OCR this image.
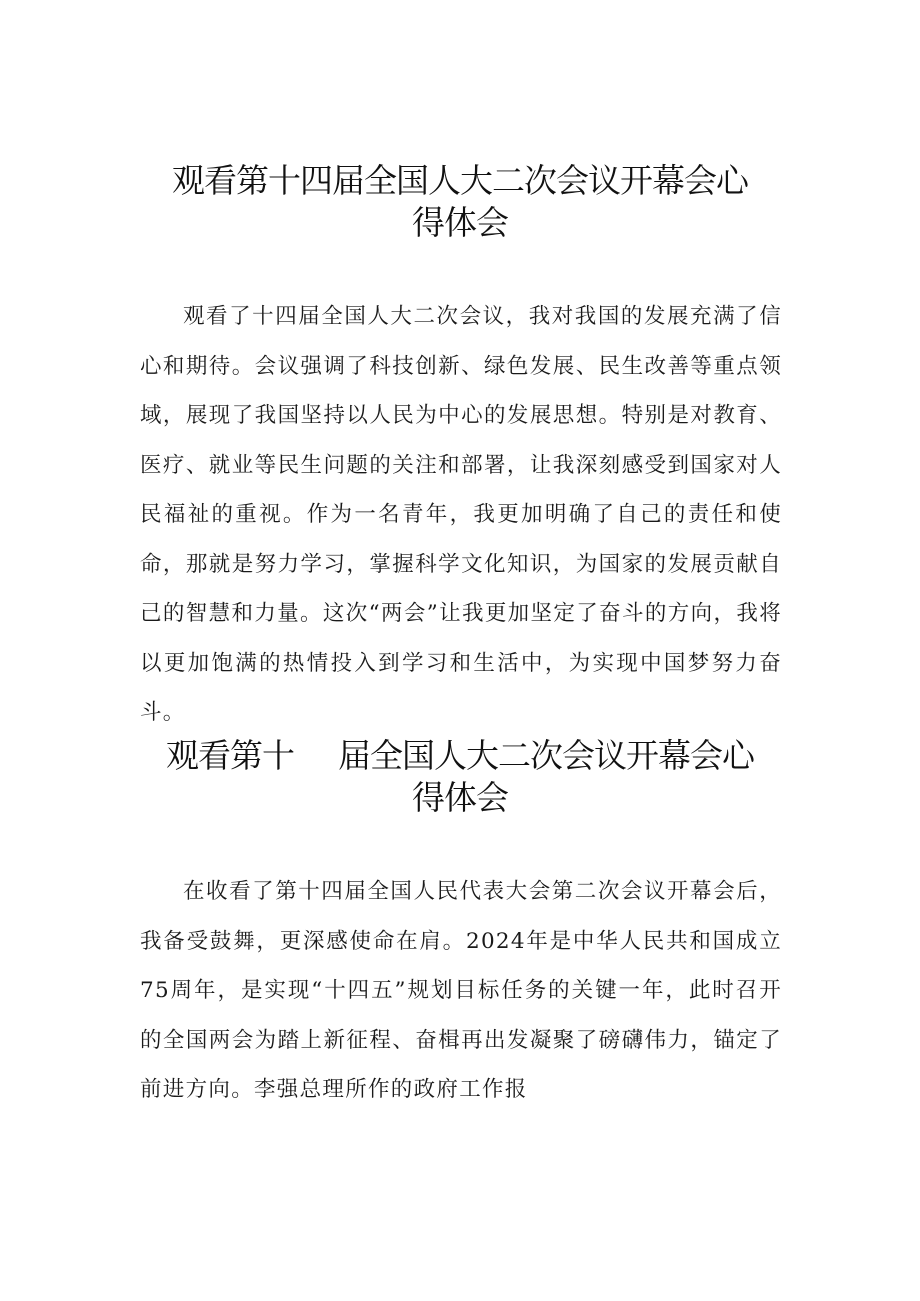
观看第十四届全国人大二次会议开幕会心
得体会

观看了十四届全国人大二次会议，我对我国的发展充满了信心和期待。会议强调了科技创新、绿色发展、民生改善等重点领域，展现了我国坚持以人民为中心的发展思想。特别是对教育、医疗、就业等民生问题的关注和部署，让我深刻感受到国家对人民福祉的重视。作为一名青年，我更加明确了自己的责任和使命，那就是努力学习，掌握科学文化知识，为国家的发展贡献自己的智慧和力量。这次“两会”让我更加坚定了奋斗的方向，我将以更加饱满的热情投入到学习和生活中，为实现中国梦努力奋斗。

观看第十 届全国人大二次会议开幕会心
得体会

在收看了第十四届全国人民代表大会第二次会议开幕会后，我备受鼓舞，更深感使命在肩。2024年是中华人民共和国成立75周年，是实现“十四五”规划目标任务的关键一年，此时召开的全国两会为踏上新征程、奋楫再出发凝聚了磅礴伟力，锚定了前进方向。李强总理所作的政府工作报
